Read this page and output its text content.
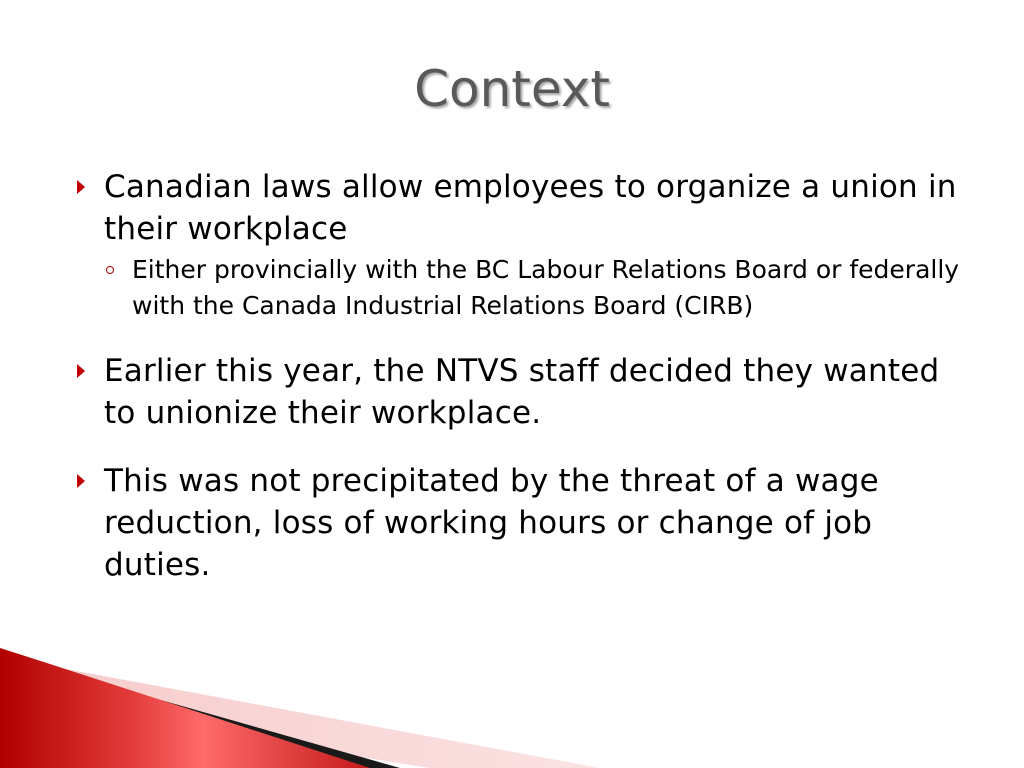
Context
Canadian laws allow employees to organize a union in their workplace
Either provincially with the BC Labour Relations Board or federally with the Canada Industrial Relations Board (CIRB)
Earlier this year, the NTVS staff decided they wanted to unionize their workplace.
This was not precipitated by the threat of a wage reduction, loss of working hours or change of job duties.
